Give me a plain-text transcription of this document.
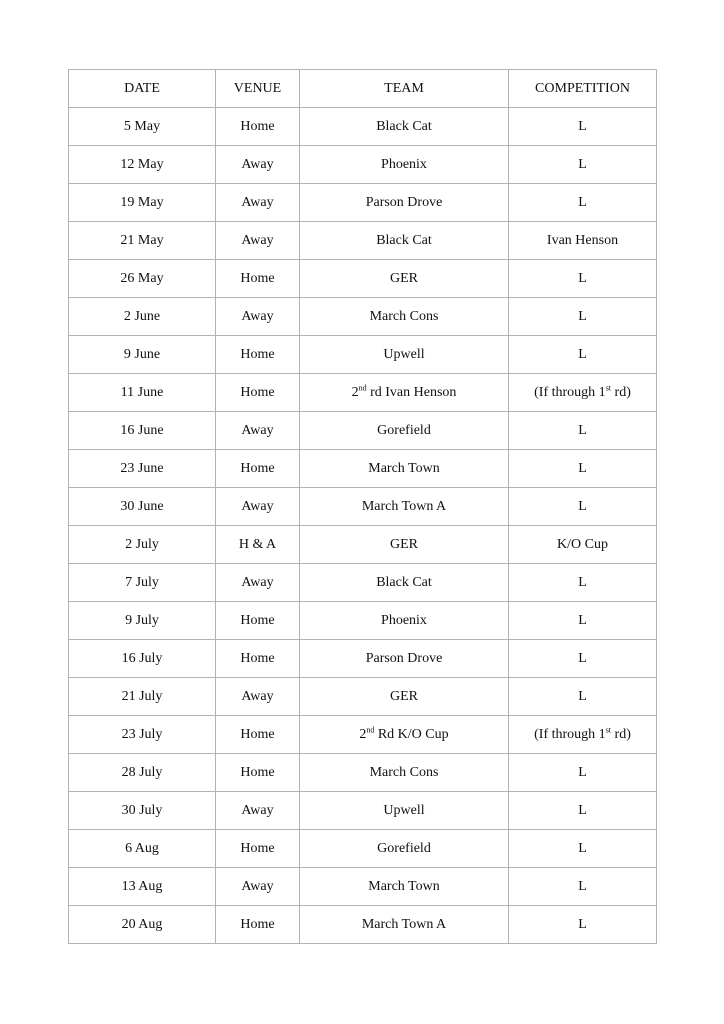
DATE	VENUE	TEAM	COMPETITION
5 May	Home	Black Cat	L
12 May	Away	Phoenix	L
19 May	Away	Parson Drove	L
21 May	Away	Black Cat	Ivan Henson
26 May	Home	GER	L
2 June	Away	March Cons	L
9 June	Home	Upwell	L
11 June	Home	2nd rd Ivan Henson	(If through 1st rd)
16 June	Away	Gorefield	L
23 June	Home	March Town	L
30 June	Away	March Town A	L
2 July	H & A	GER	K/O Cup
7 July	Away	Black Cat	L
9 July	Home	Phoenix	L
16 July	Home	Parson Drove	L
21 July	Away	GER	L
23 July	Home	2nd Rd K/O Cup	(If through 1st rd)
28 July	Home	March Cons	L
30 July	Away	Upwell	L
6 Aug	Home	Gorefield	L
13 Aug	Away	March Town	L
20 Aug	Home	March Town A	L
